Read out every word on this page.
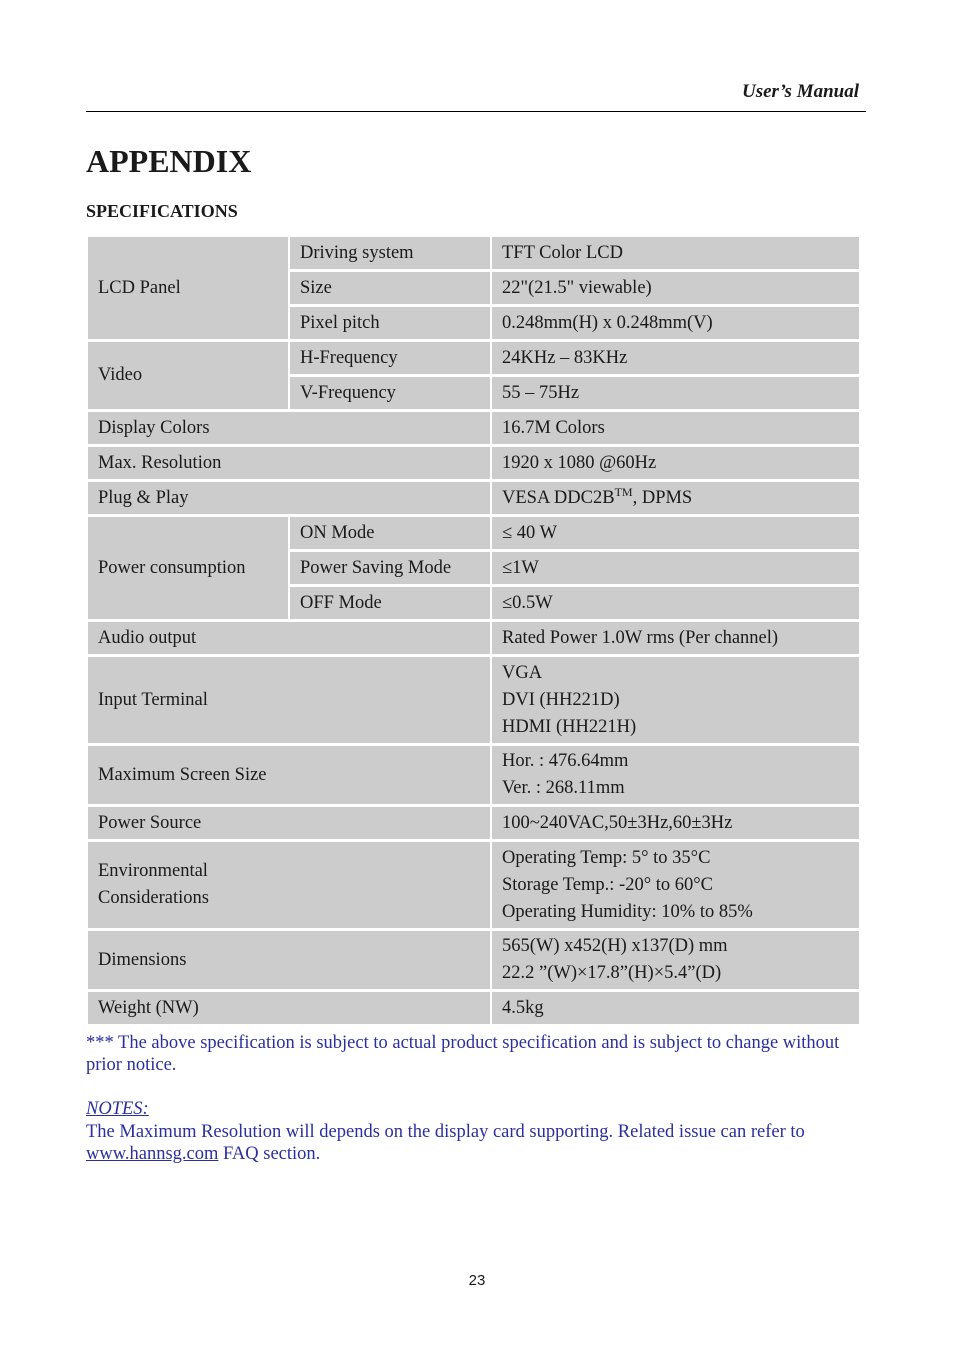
User’s Manual
APPENDIX
SPECIFICATIONS
LCD Panel	Driving system	TFT Color LCD
	Size	22"(21.5" viewable)
	Pixel pitch	0.248mm(H) x 0.248mm(V)
Video	H-Frequency	24KHz – 83KHz
	V-Frequency	55 – 75Hz
Display Colors		16.7M Colors
Max. Resolution		1920 x 1080 @60Hz
Plug & Play		VESA DDC2B™, DPMS
Power consumption	ON Mode	≤ 40 W
	Power Saving Mode	≤1W
	OFF Mode	≤0.5W
Audio output		Rated Power 1.0W rms (Per channel)
Input Terminal		VGA
DVI (HH221D)
HDMI (HH221H)

Maximum Screen Size		Hor. : 476.64mm
Ver. : 268.11mm

Power Source		100~240VAC,50±3Hz,60±3Hz

Environmental
Considerations		Operating Temp: 5° to 35°C
Storage Temp.: -20° to 60°C
Operating Humidity: 10% to 85%

Dimensions		565(W) x452(H) x137(D) mm
22.2 ”(W)×17.8”(H)×5.4”(D)

Weight (NW)		4.5kg
*** The above specification is subject to actual product specification and is subject to change without prior notice.
NOTES:
The Maximum Resolution will depends on the display card supporting. Related issue can refer to www.hannsg.com FAQ section.
23
